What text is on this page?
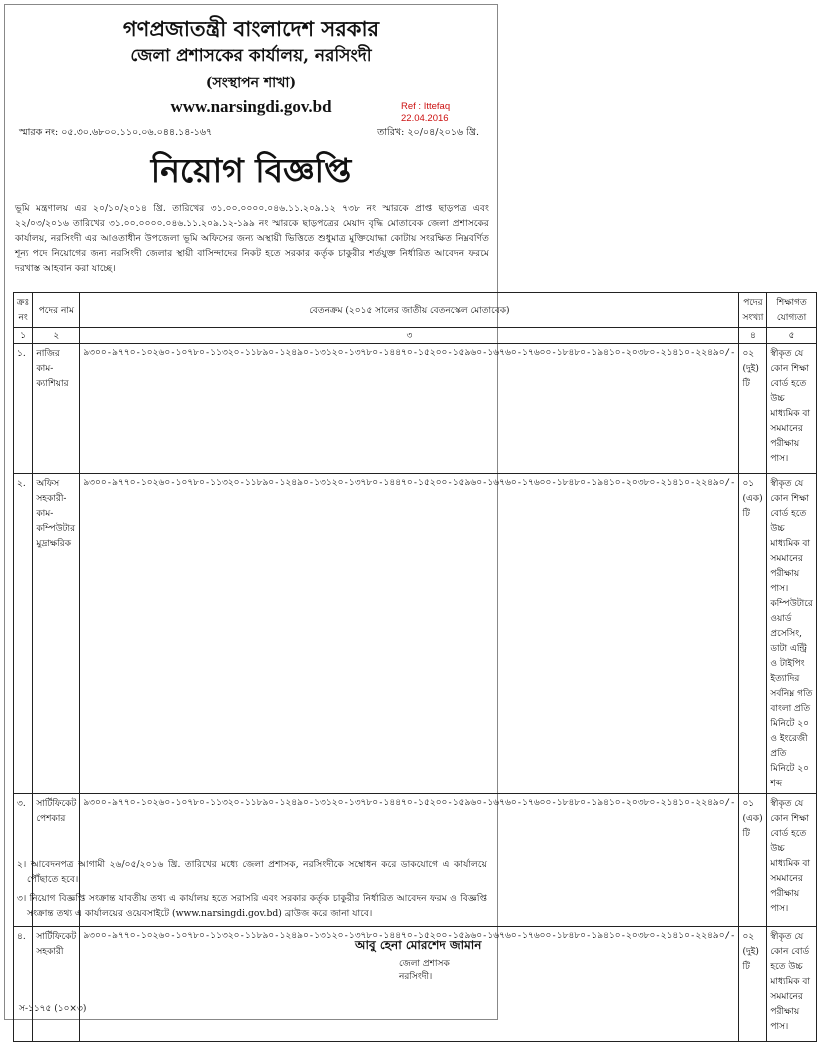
গণপ্রজাতন্ত্রী বাংলাদেশ সরকার
জেলা প্রশাসকের কার্যালয়, নরসিংদী
(সংস্থাপন শাখা)
www.narsingdi.gov.bd	Ref : Ittefaq
22.04.2016
স্মারক নং: ০৫.৩০.৬৮০০.১১০.০৬.০৪৪.১৪-১৬৭	তারিখ: ২০/০৪/২০১৬ খ্রি.
নিয়োগ বিজ্ঞপ্তি
ভূমি মন্ত্রণালয় এর ২০/১০/২০১৪ খ্রি. তারিখের ৩১.০০.০০০০.০৪৬.১১.২০৯.১২ ৭৩৮ নং স্মারকে প্রাপ্ত ছাড়পত্র এবং ২২/০৩/২০১৬ তারিখের ৩১.০০.০০০০.০৪৬.১১.২০৯.১২-১৯৯ নং স্মারকে ছাড়পত্রের মেয়াদ বৃদ্ধি মোতাবেক জেলা প্রশাসকের কার্যালয়, নরসিংদী এর আওতাধীন উপজেলা ভূমি অফিসের জন্য অস্থায়ী ভিত্তিতে শুধুমাত্র মুক্তিযোদ্ধা কোটায় সংরক্ষিত নিম্নবর্ণিত শূন্য পদে নিয়োগের জন্য নরসিংদী জেলার স্থায়ী বাসিন্দাদের নিকট হতে সরকার কর্তৃক চাকুরীর শর্তযুক্ত নির্ধারিত আবেদন ফরমে দরখাস্ত আহবান করা যাচ্ছে।
ক্রঃ নং	পদের নাম	বেতনক্রম (২০১৫ সালের জাতীয় বেতনস্কেল মোতাবেক)	পদের সংখ্যা	শিক্ষাগত যোগ্যতা
১	২	৩	৪	৫
১.	নাজির কাম-ক্যাশিয়ার	৯৩০০-৯৭৭০-১০২৬০-১০৭৮০-১১৩২০-১১৮৯০-১২৪৯০-১৩১২০-১৩৭৮০-১৪৪৭০-১৫২০০-১৫৯৬০-১৬৭৬০-১৭৬০০-১৮৪৮০-১৯৪১০-২০৩৮০-২১৪১০-২২৪৯০/-	০২ (দুই) টি	স্বীকৃত যে কোন শিক্ষা বোর্ড হতে উচ্চ মাধ্যমিক বা সমমানের পরীক্ষায় পাস।
২.	অফিস সহকারী- কাম- কম্পিউটার মুদ্রাক্ষরিক	৯৩০০-৯৭৭০-১০২৬০-১০৭৮০-১১৩২০-১১৮৯০-১২৪৯০-১৩১২০-১৩৭৮০-১৪৪৭০-১৫২০০-১৫৯৬০-১৬৭৬০-১৭৬০০-১৮৪৮০-১৯৪১০-২০৩৮০-২১৪১০-২২৪৯০/-	০১ (এক) টি	স্বীকৃত যে কোন শিক্ষা বোর্ড হতে উচ্চ মাধ্যমিক বা সমমানের পরীক্ষায় পাস। কম্পিউটারে ওয়ার্ড প্রসেসিং, ডাটা এন্ট্রি ও টাইপিং ইত্যাদির সর্বনিম্ন গতি বাংলা প্রতি মিনিটে ২০ ও ইংরেজী প্রতি মিনিটে ২০ শব্দ
৩.	সার্টিফিকেট পেশকার	৯৩০০-৯৭৭০-১০২৬০-১০৭৮০-১১৩২০-১১৮৯০-১২৪৯০-১৩১২০-১৩৭৮০-১৪৪৭০-১৫২০০-১৫৯৬০-১৬৭৬০-১৭৬০০-১৮৪৮০-১৯৪১০-২০৩৮০-২১৪১০-২২৪৯০/-	০১ (এক) টি	স্বীকৃত যে কোন শিক্ষা বোর্ড হতে উচ্চ মাধ্যমিক বা সমমানের পরীক্ষায় পাস।
৪.	সার্টিফিকেট সহকারী	৯৩০০-৯৭৭০-১০২৬০-১০৭৮০-১১৩২০-১১৮৯০-১২৪৯০-১৩১২০-১৩৭৮০-১৪৪৭০-১৫২০০-১৫৯৬০-১৬৭৬০-১৭৬০০-১৮৪৮০-১৯৪১০-২০৩৮০-২১৪১০-২২৪৯০/-	০২ (দুই) টি	স্বীকৃত যে কোন বোর্ড হতে উচ্চ মাধ্যমিক বা সমমানের পরীক্ষায় পাস।

২। আবেদনপত্র আগামী ২৬/০৫/২০১৬ খ্রি. তারিখের মধ্যে জেলা প্রশাসক, নরসিংদীকে সম্বোধন করে ডাকযোগে এ কার্যালয়ে পৌঁছাতে হবে।

৩। নিয়োগ বিজ্ঞপ্তি সংক্রান্ত যাবতীয় তথ্য এ কার্যালয় হতে সরাসরি এবং সরকার কর্তৃক চাকুরীর নির্ধারিত আবেদন ফরম ও বিজ্ঞপ্তি সংক্রান্ত তথ্য এ কার্যালয়ের ওয়েবসাইটে (www.narsingdi.gov.bd) ব্রাউজ করে জানা যাবে।

আবু হেনা মোরশেদ জামান
জেলা প্রশাসক
নরসিংদী।
স-১১৭৫ (১০×৩)
